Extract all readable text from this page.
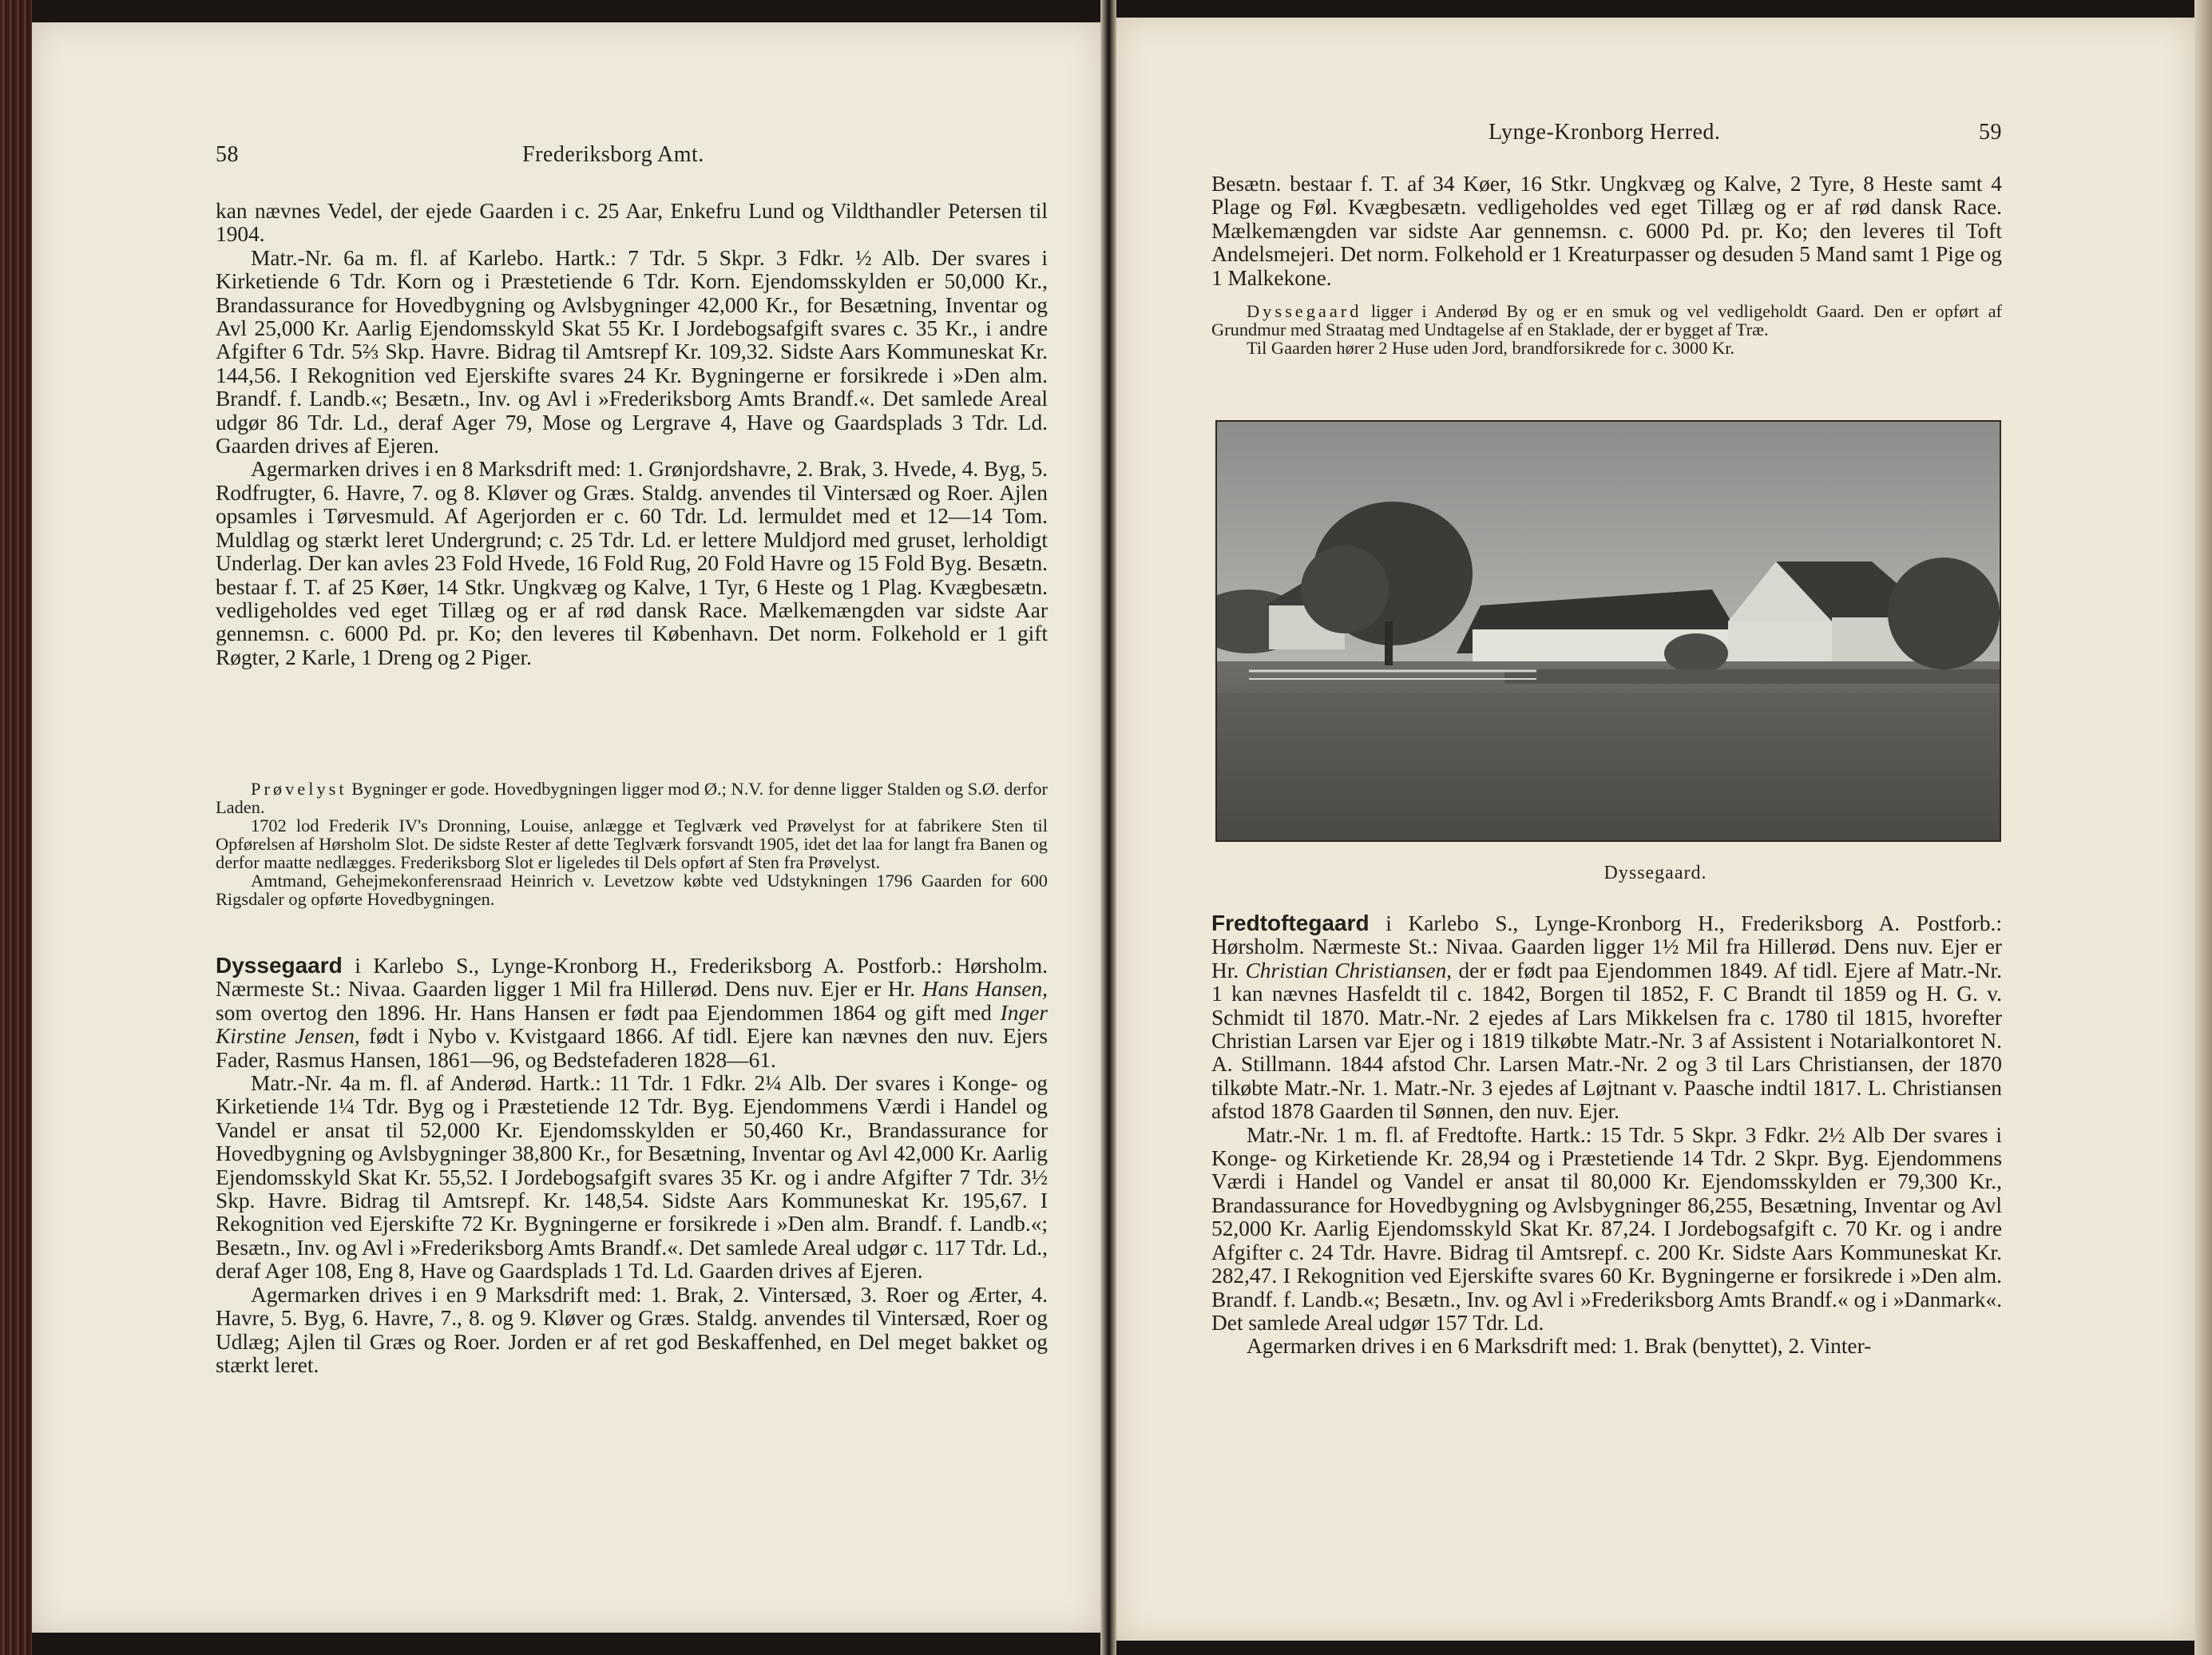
58	Frederiksborg Amt.

kan nævnes Vedel, der ejede Gaarden i c. 25 Aar, Enkefru Lund og Vildthandler Petersen til 1904.

Matr.-Nr. 6a m. fl. af Karlebo. Hartk.: 7 Tdr. 5 Skpr. 3 Fdkr. ½ Alb. Der svares i Kirketiende 6 Tdr. Korn og i Præstetiende 6 Tdr. Korn. Ejendomsskylden er 50,000 Kr., Brandassurance for Hovedbygning og Avlsbygninger 42,000 Kr., for Besætning, Inventar og Avl 25,000 Kr. Aarlig Ejendomsskyld Skat 55 Kr. I Jordebogsafgift svares c. 35 Kr., i andre Afgifter 6 Tdr. 5⅔ Skp. Havre. Bidrag til Amtsrepf Kr. 109,32. Sidste Aars Kommuneskat Kr. 144,56. I Rekognition ved Ejerskifte svares 24 Kr. Bygningerne er forsikrede i »Den alm. Brandf. f. Landb.«; Besætn., Inv. og Avl i »Frederiksborg Amts Brandf.«. Det samlede Areal udgør 86 Tdr. Ld., deraf Ager 79, Mose og Lergrave 4, Have og Gaardsplads 3 Tdr. Ld. Gaarden drives af Ejeren.

Agermarken drives i en 8 Marksdrift med: 1. Grønjordshavre, 2. Brak, 3. Hvede, 4. Byg, 5. Rodfrugter, 6. Havre, 7. og 8. Kløver og Græs. Staldg. anvendes til Vintersæd og Roer. Ajlen opsamles i Tørvesmuld. Af Agerjorden er c. 60 Tdr. Ld. lermuldet med et 12—14 Tom. Muldlag og stærkt leret Undergrund; c. 25 Tdr. Ld. er lettere Muldjord med gruset, lerholdigt Underlag. Der kan avles 23 Fold Hvede, 16 Fold Rug, 20 Fold Havre og 15 Fold Byg. Besætn. bestaar f. T. af 25 Køer, 14 Stkr. Ungkvæg og Kalve, 1 Tyr, 6 Heste og 1 Plag. Kvægbesætn. vedligeholdes ved eget Tillæg og er af rød dansk Race. Mælkemængden var sidste Aar gennemsn. c. 6000 Pd. pr. Ko; den leveres til København. Det norm. Folkehold er 1 gift Røgter, 2 Karle, 1 Dreng og 2 Piger.

Prøvelyst Bygninger er gode. Hovedbygningen ligger mod Ø.; N.V. for denne ligger Stalden og S.Ø. derfor Laden.

1702 lod Frederik IV's Dronning, Louise, anlægge et Teglværk ved Prøvelyst for at fabrikere Sten til Opførelsen af Hørsholm Slot. De sidste Rester af dette Teglværk forsvandt 1905, idet det laa for langt fra Banen og derfor maatte nedlægges. Frederiksborg Slot er ligeledes til Dels opført af Sten fra Prøvelyst.

Amtmand, Gehejmekonferensraad Heinrich v. Levetzow købte ved Udstykningen 1796 Gaarden for 600 Rigsdaler og opførte Hovedbygningen.

Dyssegaard i Karlebo S., Lynge-Kronborg H., Frederiksborg A. Postforb.: Hørsholm. Nærmeste St.: Nivaa. Gaarden ligger 1 Mil fra Hillerød. Dens nuv. Ejer er Hr. Hans Hansen, som overtog den 1896. Hr. Hans Hansen er født paa Ejendommen 1864 og gift med Inger Kirstine Jensen, født i Nybo v. Kvistgaard 1866. Af tidl. Ejere kan nævnes den nuv. Ejers Fader, Rasmus Hansen, 1861—96, og Bedstefaderen 1828—61.

Matr.-Nr. 4a m. fl. af Anderød. Hartk.: 11 Tdr. 1 Fdkr. 2¼ Alb. Der svares i Konge- og Kirketiende 1¼ Tdr. Byg og i Præstetiende 12 Tdr. Byg. Ejendommens Værdi i Handel og Vandel er ansat til 52,000 Kr. Ejendomsskylden er 50,460 Kr., Brandassurance for Hovedbygning og Avlsbygninger 38,800 Kr., for Besætning, Inventar og Avl 42,000 Kr. Aarlig Ejendomsskyld Skat Kr. 55,52. I Jordebogsafgift svares 35 Kr. og i andre Afgifter 7 Tdr. 3½ Skp. Havre. Bidrag til Amtsrepf. Kr. 148,54. Sidste Aars Kommuneskat Kr. 195,67. I Rekognition ved Ejerskifte 72 Kr. Bygningerne er forsikrede i »Den alm. Brandf. f. Landb.«; Besætn., Inv. og Avl i »Frederiksborg Amts Brandf.«. Det samlede Areal udgør c. 117 Tdr. Ld., deraf Ager 108, Eng 8, Have og Gaardsplads 1 Td. Ld. Gaarden drives af Ejeren.

Agermarken drives i en 9 Marksdrift med: 1. Brak, 2. Vintersæd, 3. Roer og Ærter, 4. Havre, 5. Byg, 6. Havre, 7., 8. og 9. Kløver og Græs. Staldg. anvendes til Vintersæd, Roer og Udlæg; Ajlen til Græs og Roer. Jorden er af ret god Beskaffenhed, en Del meget bakket og stærkt leret.

Lynge-Kronborg Herred.	59

Besætn. bestaar f. T. af 34 Køer, 16 Stkr. Ungkvæg og Kalve, 2 Tyre, 8 Heste samt 4 Plage og Føl. Kvægbesætn. vedligeholdes ved eget Tillæg og er af rød dansk Race. Mælkemængden var sidste Aar gennemsn. c. 6000 Pd. pr. Ko; den leveres til Toft Andelsmejeri. Det norm. Folkehold er 1 Kreaturpasser og desuden 5 Mand samt 1 Pige og 1 Malkekone.

Dyssegaard ligger i Anderød By og er en smuk og vel vedligeholdt Gaard. Den er opført af Grundmur med Straatag med Undtagelse af en Staklade, der er bygget af Træ.

Til Gaarden hører 2 Huse uden Jord, brandforsikrede for c. 3000 Kr.

Dyssegaard.

Fredtoftegaard i Karlebo S., Lynge-Kronborg H., Frederiksborg A. Postforb.: Hørsholm. Nærmeste St.: Nivaa. Gaarden ligger 1½ Mil fra Hillerød. Dens nuv. Ejer er Hr. Christian Christiansen, der er født paa Ejendommen 1849. Af tidl. Ejere af Matr.-Nr. 1 kan nævnes Hasfeldt til c. 1842, Borgen til 1852, F. C Brandt til 1859 og H. G. v. Schmidt til 1870. Matr.-Nr. 2 ejedes af Lars Mikkelsen fra c. 1780 til 1815, hvorefter Christian Larsen var Ejer og i 1819 tilkøbte Matr.-Nr. 3 af Assistent i Notarialkontoret N. A. Stillmann. 1844 afstod Chr. Larsen Matr.-Nr. 2 og 3 til Lars Christiansen, der 1870 tilkøbte Matr.-Nr. 1. Matr.-Nr. 3 ejedes af Løjtnant v. Paasche indtil 1817. L. Christiansen afstod 1878 Gaarden til Sønnen, den nuv. Ejer.

Matr.-Nr. 1 m. fl. af Fredtofte. Hartk.: 15 Tdr. 5 Skpr. 3 Fdkr. 2½ Alb Der svares i Konge- og Kirketiende Kr. 28,94 og i Præstetiende 14 Tdr. 2 Skpr. Byg. Ejendommens Værdi i Handel og Vandel er ansat til 80,000 Kr. Ejendomsskylden er 79,300 Kr., Brandassurance for Hovedbygning og Avlsbygninger 86,255, Besætning, Inventar og Avl 52,000 Kr. Aarlig Ejendomsskyld Skat Kr. 87,24. I Jordebogsafgift c. 70 Kr. og i andre Afgifter c. 24 Tdr. Havre. Bidrag til Amtsrepf. c. 200 Kr. Sidste Aars Kommuneskat Kr. 282,47. I Rekognition ved Ejerskifte svares 60 Kr. Bygningerne er forsikrede i »Den alm. Brandf. f. Landb.«; Besætn., Inv. og Avl i »Frederiksborg Amts Brandf.« og i »Danmark«. Det samlede Areal udgør 157 Tdr. Ld.

Agermarken drives i en 6 Marksdrift med: 1. Brak (benyttet), 2. Vinter-
